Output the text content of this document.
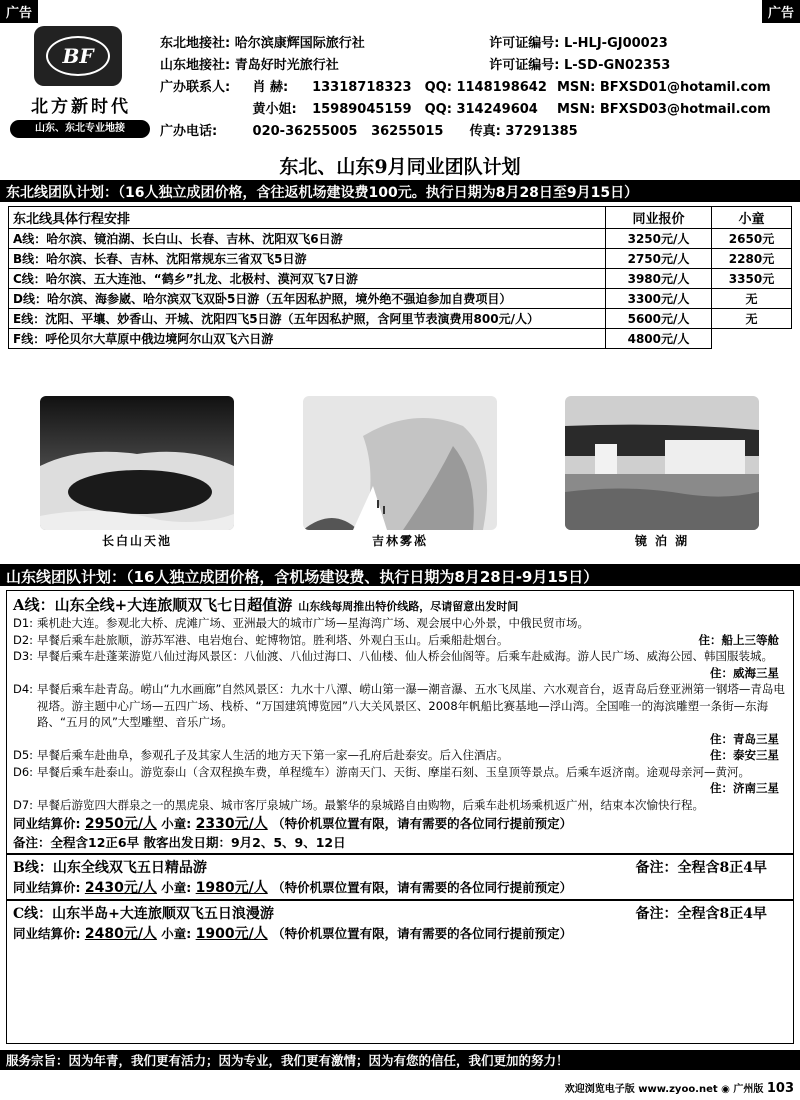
广告	广告
BF
北方新时代
山东、东北专业地接
东北地接社: 哈尔滨康辉国际旅行社	许可证编号: L-HLJ-GJ00023
山东地接社: 青岛好时光旅行社	许可证编号: L-SD-GN02353
广办联系人: 肖 赫: 13318718323 QQ: 1148198642 MSN: BFXSD01@hotamil.com
黄小姐: 15989045159 QQ: 314249604 MSN: BFXSD03@hotmail.com
广办电话:	020-36255005 36255015 传真: 37291385
东北、山东9月同业团队计划
东北线团队计划：（16人独立成团价格，含往返机场建设费100元。执行日期为8月28日至9月15日）
东北线具体行程安排	同业报价	小童
A线：哈尔滨、镜泊湖、长白山、长春、吉林、沈阳双飞6日游	3250元/人	2650元
B线：哈尔滨、长春、吉林、沈阳常规东三省双飞5日游	2750元/人	2280元
C线：哈尔滨、五大连池、“鹤乡”扎龙、北极村、漠河双飞7日游	3980元/人	3350元
D线：哈尔滨、海参崴、哈尔滨双飞双卧5日游（五年因私护照，境外绝不强迫参加自费项目）	3300元/人	无
E线：沈阳、平壤、妙香山、开城、沈阳四飞5日游（五年因私护照，含阿里节表演费用800元/人）	5600元/人	无
F线：呼伦贝尔大草原中俄边境阿尔山双飞六日游	4800元/人	
长白山天池	吉林雾凇	镜 泊 湖
山东线团队计划：（16人独立成团价格，含机场建设费、执行日期为8月28日-9月15日）
A线：山东全线+大连旅顺双飞七日超值游 山东线每周推出特价线路，尽请留意出发时间
D1: 乘机赴大连。参观北大桥、虎滩广场、亚洲最大的城市广场—星海湾广场、观会展中心外景，中俄民贸市场。
D2: 早餐后乘车赴旅顺，游苏军港、电岩炮台、蛇博物馆。胜利塔、外观白玉山。后乘船赴烟台。	住：船上三等舱
D3: 早餐后乘车赴蓬莱游览八仙过海风景区：八仙渡、八仙过海口、八仙楼、仙人桥会仙阁等。后乘车赴威海。游人民广场、威海公园、韩国服装城。
住：威海三星
D4: 早餐后乘车赴青岛。崂山“九水画廊”自然风景区：九水十八潭、崂山第一瀑—潮音瀑、五水飞凤崖、六水观音台，返青岛后登亚洲第一钢塔—青岛电视塔。游主题中心广场—五四广场、栈桥、“万国建筑博览园”八大关风景区、2008年帆船比赛基地—浮山湾。全国唯一的海滨雕塑一条街—东海路、“五月的风”大型雕塑、音乐广场。
住：青岛三星
D5: 早餐后乘车赴曲阜，参观孔子及其家人生活的地方天下第一家—孔府后赴泰安。后入住酒店。	住：泰安三星
D6: 早餐后乘车赴泰山。游览泰山（含双程换车费，单程缆车）游南天门、天街、摩崖石刻、玉皇顶等景点。后乘车返济南。途观母亲河—黄河。
住：济南三星
D7: 早餐后游览四大群泉之一的黑虎泉、城市客厅泉城广场。最繁华的泉城路自由购物，后乘车赴机场乘机返广州，结束本次愉快行程。
同业结算价: 2950元/人 小童: 2330元/人 （特价机票位置有限，请有需要的各位同行提前预定）
备注：全程含12正6早 散客出发日期：9月2、5、9、12日
B线：山东全线双飞五日精品游	备注：全程含8正4早
同业结算价: 2430元/人 小童: 1980元/人 （特价机票位置有限，请有需要的各位同行提前预定）
C线：山东半岛+大连旅顺双飞五日浪漫游	备注：全程含8正4早
同业结算价: 2480元/人 小童: 1900元/人 （特价机票位置有限，请有需要的各位同行提前预定）
服务宗旨：因为年青，我们更有活力；因为专业，我们更有激情；因为有您的信任，我们更加的努力！
欢迎浏览电子版 www.zyoo.net ◉ 广州版 103
